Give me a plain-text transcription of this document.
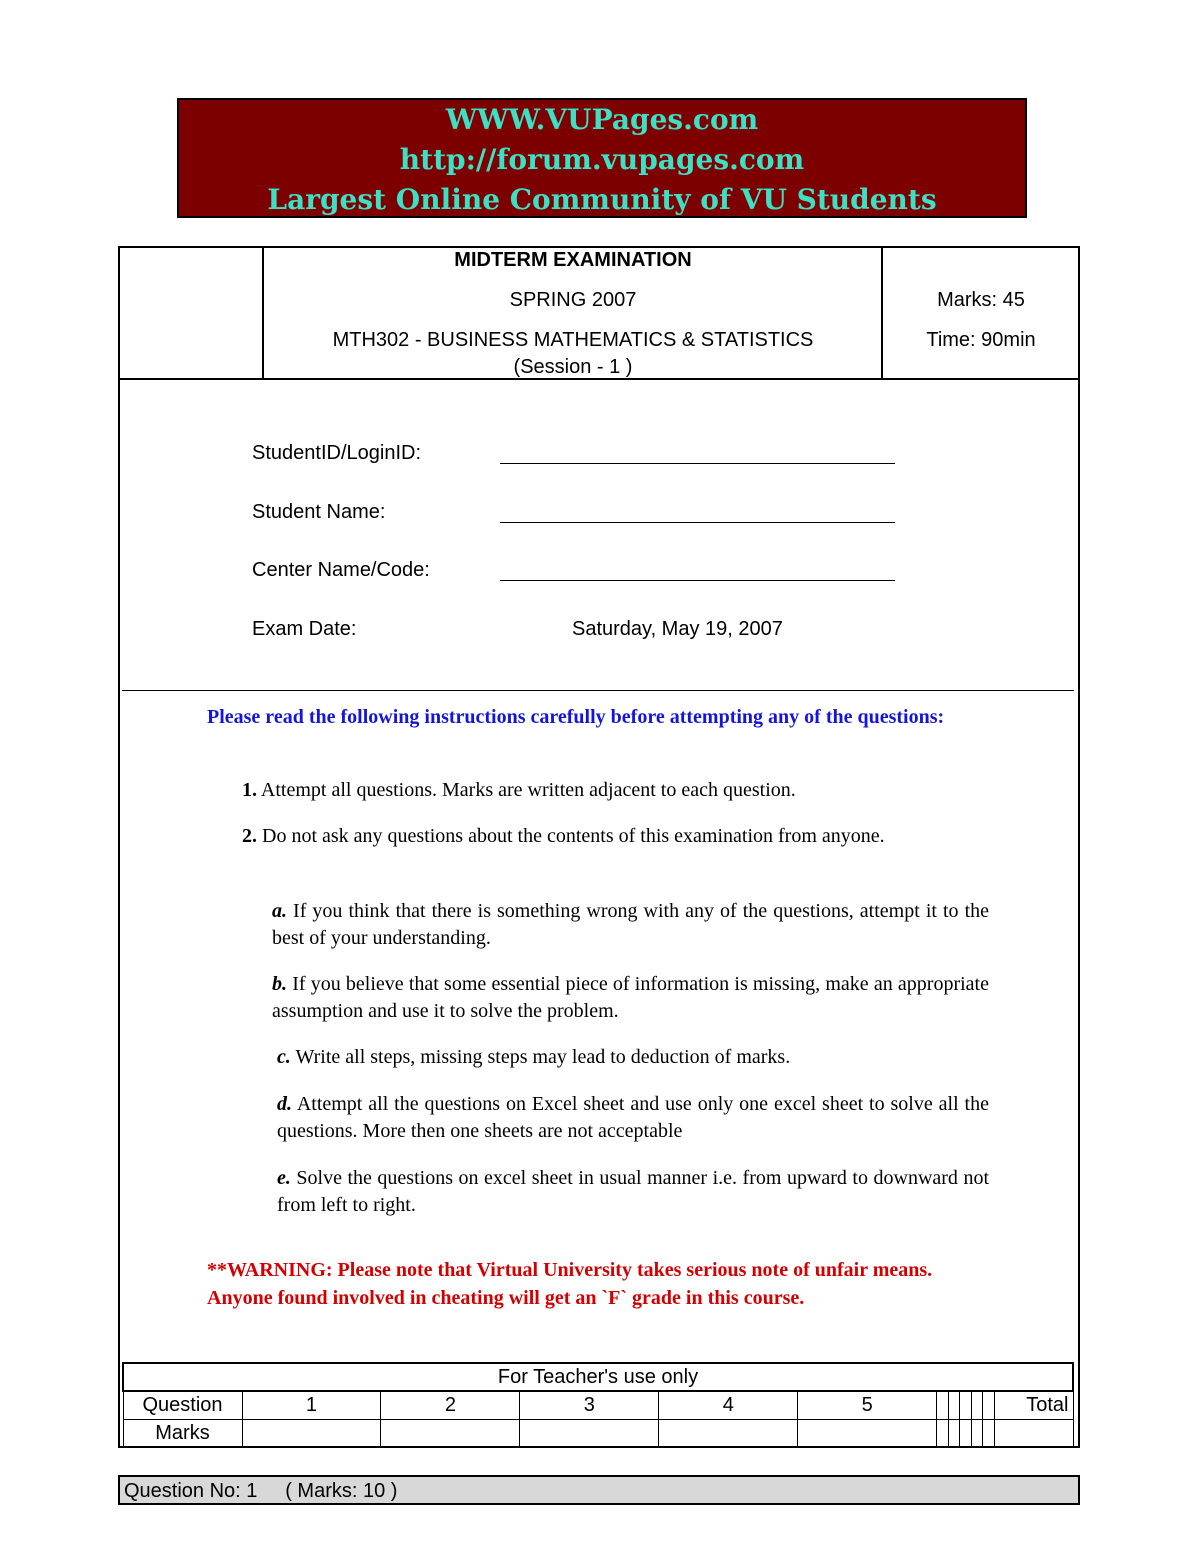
WWW.VUPages.com
http://forum.vupages.com
Largest Online Community of VU Students
MIDTERM EXAMINATION
SPRING 2007
MTH302 - BUSINESS MATHEMATICS & STATISTICS
(Session - 1 )
Marks: 45
Time: 90min
StudentID/LoginID:
Student Name:
Center Name/Code:
Exam Date:	Saturday, May 19, 2007
Please read the following instructions carefully before attempting any of the questions:
1. Attempt all questions. Marks are written adjacent to each question.
2. Do not ask any questions about the contents of this examination from anyone.
a. If you think that there is something wrong with any of the questions, attempt it to the best of your understanding.
b. If you believe that some essential piece of information is missing, make an appropriate assumption and use it to solve the problem.
c. Write all steps, missing steps may lead to deduction of marks.
d. Attempt all the questions on Excel sheet and use only one excel sheet to solve all the questions. More then one sheets are not acceptable
e. Solve the questions on excel sheet in usual manner i.e. from upward to downward not from left to right.
**WARNING: Please note that Virtual University takes serious note of unfair means. Anyone found involved in cheating will get an `F` grade in this course.
For Teacher's use only											
Question	1	2	3	4	5						Total
Marks											
Question No: 1     ( Marks: 10 )
